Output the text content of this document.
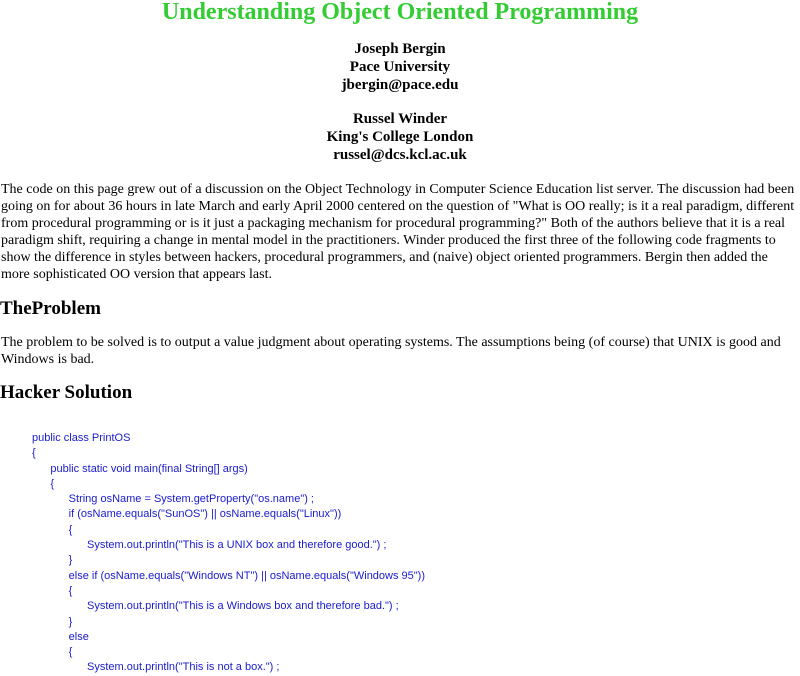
Understanding Object Oriented Programming
Joseph Bergin
Pace University
jbergin@pace.edu
Russel Winder
King's College London
russel@dcs.kcl.ac.uk

The code on this page grew out of a discussion on the Object Technology in Computer Science Education list server. The discussion had been going on for about 36 hours in late March and early April 2000 centered on the question of "What is OO really; is it a real paradigm, different from procedural programming or is it just a packaging mechanism for procedural programming?" Both of the authors believe that it is a real paradigm shift, requiring a change in mental model in the practitioners. Winder produced the first three of the following code fragments to show the difference in styles between hackers, procedural programmers, and (naive) object oriented programmers. Bergin then added the more sophisticated OO version that appears last.

TheProblem

The problem to be solved is to output a value judgment about operating systems. The assumptions being (of course) that UNIX is good and Windows is bad.

Hacker Solution
public class PrintOS
{
public static void main(final String[] args)
{
String osName = System.getProperty("os.name") ;
if (osName.equals("SunOS") || osName.equals("Linux"))
{
System.out.println("This is a UNIX box and therefore good.") ;
}
else if (osName.equals("Windows NT") || osName.equals("Windows 95"))
{
System.out.println("This is a Windows box and therefore bad.") ;
}
else
{
System.out.println("This is not a box.") ;
